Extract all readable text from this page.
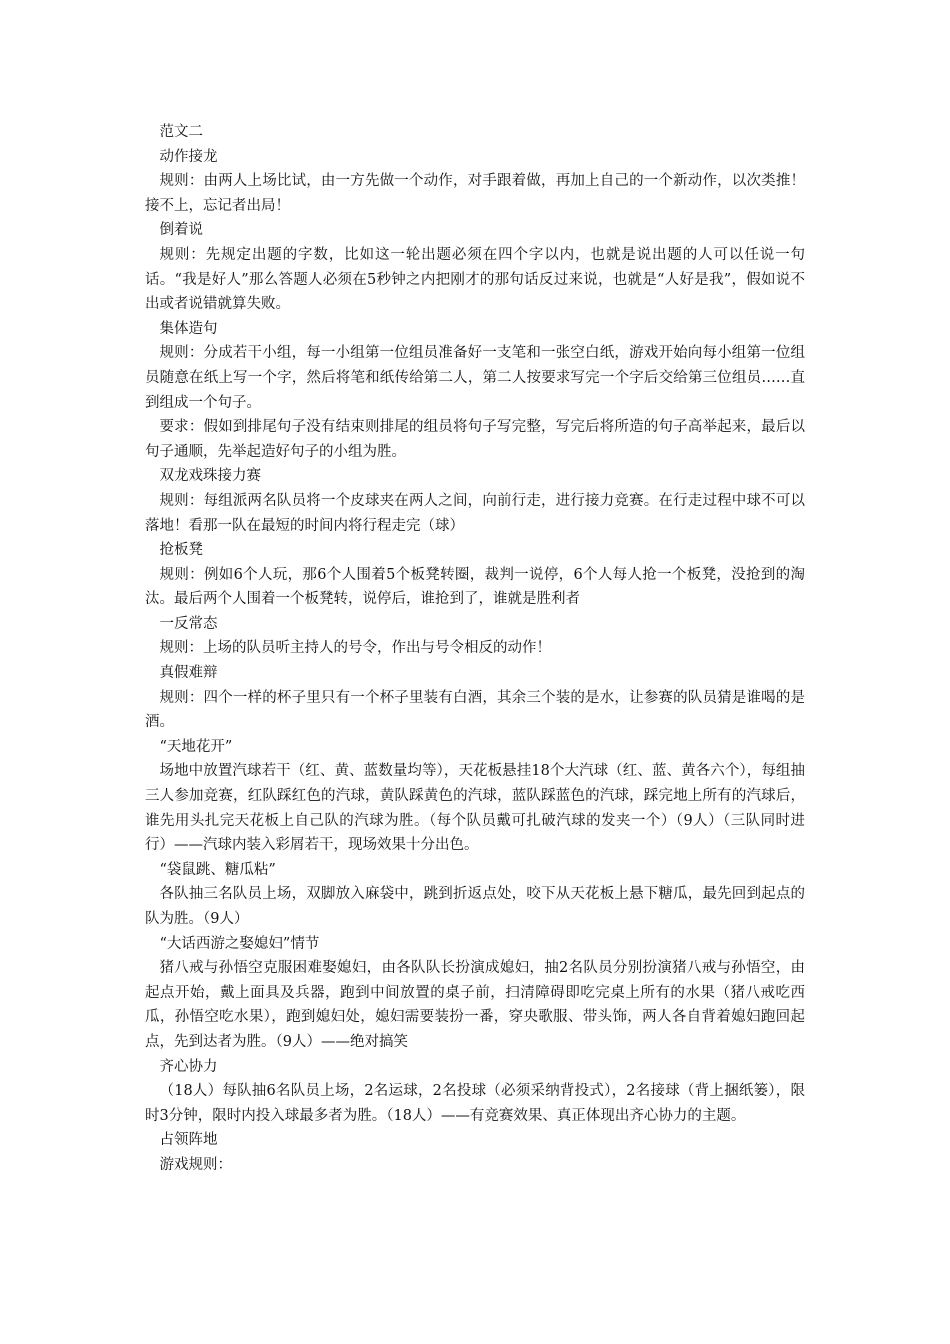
范文二

动作接龙

规则：由两人上场比试，由一方先做一个动作，对手跟着做，再加上自己的一个新动作，以次类推！接不上，忘记者出局！

倒着说

规则：先规定出题的字数，比如这一轮出题必须在四个字以内，也就是说出题的人可以任说一句话。“我是好人”那么答题人必须在5秒钟之内把刚才的那句话反过来说，也就是“人好是我”，假如说不出或者说错就算失败。

集体造句

规则：分成若干小组，每一小组第一位组员准备好一支笔和一张空白纸，游戏开始向每小组第一位组员随意在纸上写一个字，然后将笔和纸传给第二人，第二人按要求写完一个字后交给第三位组员……直到组成一个句子。

要求：假如到排尾句子没有结束则排尾的组员将句子写完整，写完后将所造的句子高举起来，最后以句子通顺，先举起造好句子的小组为胜。

双龙戏珠接力赛

规则：每组派两名队员将一个皮球夹在两人之间，向前行走，进行接力竞赛。在行走过程中球不可以落地！看那一队在最短的时间内将行程走完（球）

抢板凳

规则：例如6个人玩，那6个人围着5个板凳转圈，裁判一说停，6个人每人抢一个板凳，没抢到的淘汰。最后两个人围着一个板凳转，说停后，谁抢到了，谁就是胜利者

一反常态

规则：上场的队员听主持人的号令，作出与号令相反的动作！

真假难辩

规则：四个一样的杯子里只有一个杯子里装有白酒，其余三个装的是水，让参赛的队员猜是谁喝的是酒。

“天地花开”

场地中放置汽球若干（红、黄、蓝数量均等），天花板悬挂18个大汽球（红、蓝、黄各六个），每组抽三人参加竞赛，红队踩红色的汽球，黄队踩黄色的汽球，蓝队踩蓝色的汽球，踩完地上所有的汽球后，谁先用头扎完天花板上自己队的汽球为胜。（每个队员戴可扎破汽球的发夹一个）（9人）（三队同时进行）——汽球内装入彩屑若干，现场效果十分出色。

“袋鼠跳、糖瓜粘”

各队抽三名队员上场，双脚放入麻袋中，跳到折返点处，咬下从天花板上悬下糖瓜，最先回到起点的队为胜。（9人）

“大话西游之娶媳妇”情节

猪八戒与孙悟空克服困难娶媳妇，由各队队长扮演成媳妇，抽2名队员分别扮演猪八戒与孙悟空，由起点开始，戴上面具及兵器，跑到中间放置的桌子前，扫清障碍即吃完桌上所有的水果（猪八戒吃西瓜，孙悟空吃水果），跑到媳妇处，媳妇需要装扮一番，穿央歌服、带头饰，两人各自背着媳妇跑回起点，先到达者为胜。（9人）——绝对搞笑

齐心协力

（18人）每队抽6名队员上场，2名运球，2名投球（必须采纳背投式），2名接球（背上捆纸篓），限时3分钟，限时内投入球最多者为胜。（18人）——有竞赛效果、真正体现出齐心协力的主题。

占领阵地

游戏规则：
